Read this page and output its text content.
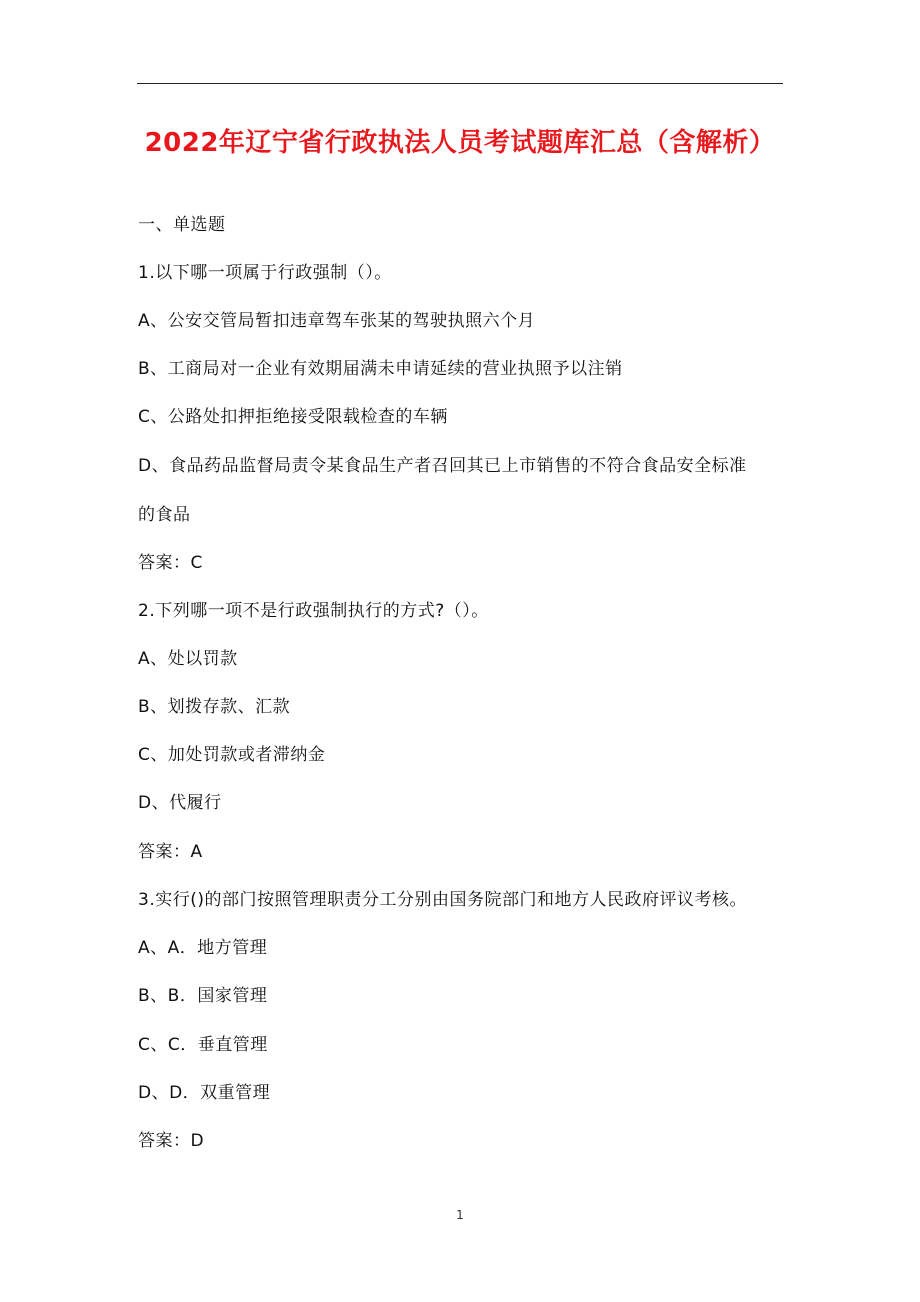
2022年辽宁省行政执法人员考试题库汇总（含解析）
一、单选题
1.以下哪一项属于行政强制（）。
A、公安交管局暂扣违章驾车张某的驾驶执照六个月
B、工商局对一企业有效期届满未申请延续的营业执照予以注销
C、公路处扣押拒绝接受限载检查的车辆
D、食品药品监督局责令某食品生产者召回其已上市销售的不符合食品安全标准
的食品
答案：C
2.下列哪一项不是行政强制执行的方式?（）。
A、处以罚款
B、划拨存款、汇款
C、加处罚款或者滞纳金
D、代履行
答案：A
3.实行()的部门按照管理职责分工分别由国务院部门和地方人民政府评议考核。
A、A．地方管理
B、B．国家管理
C、C．垂直管理
D、D．双重管理
答案：D
1
